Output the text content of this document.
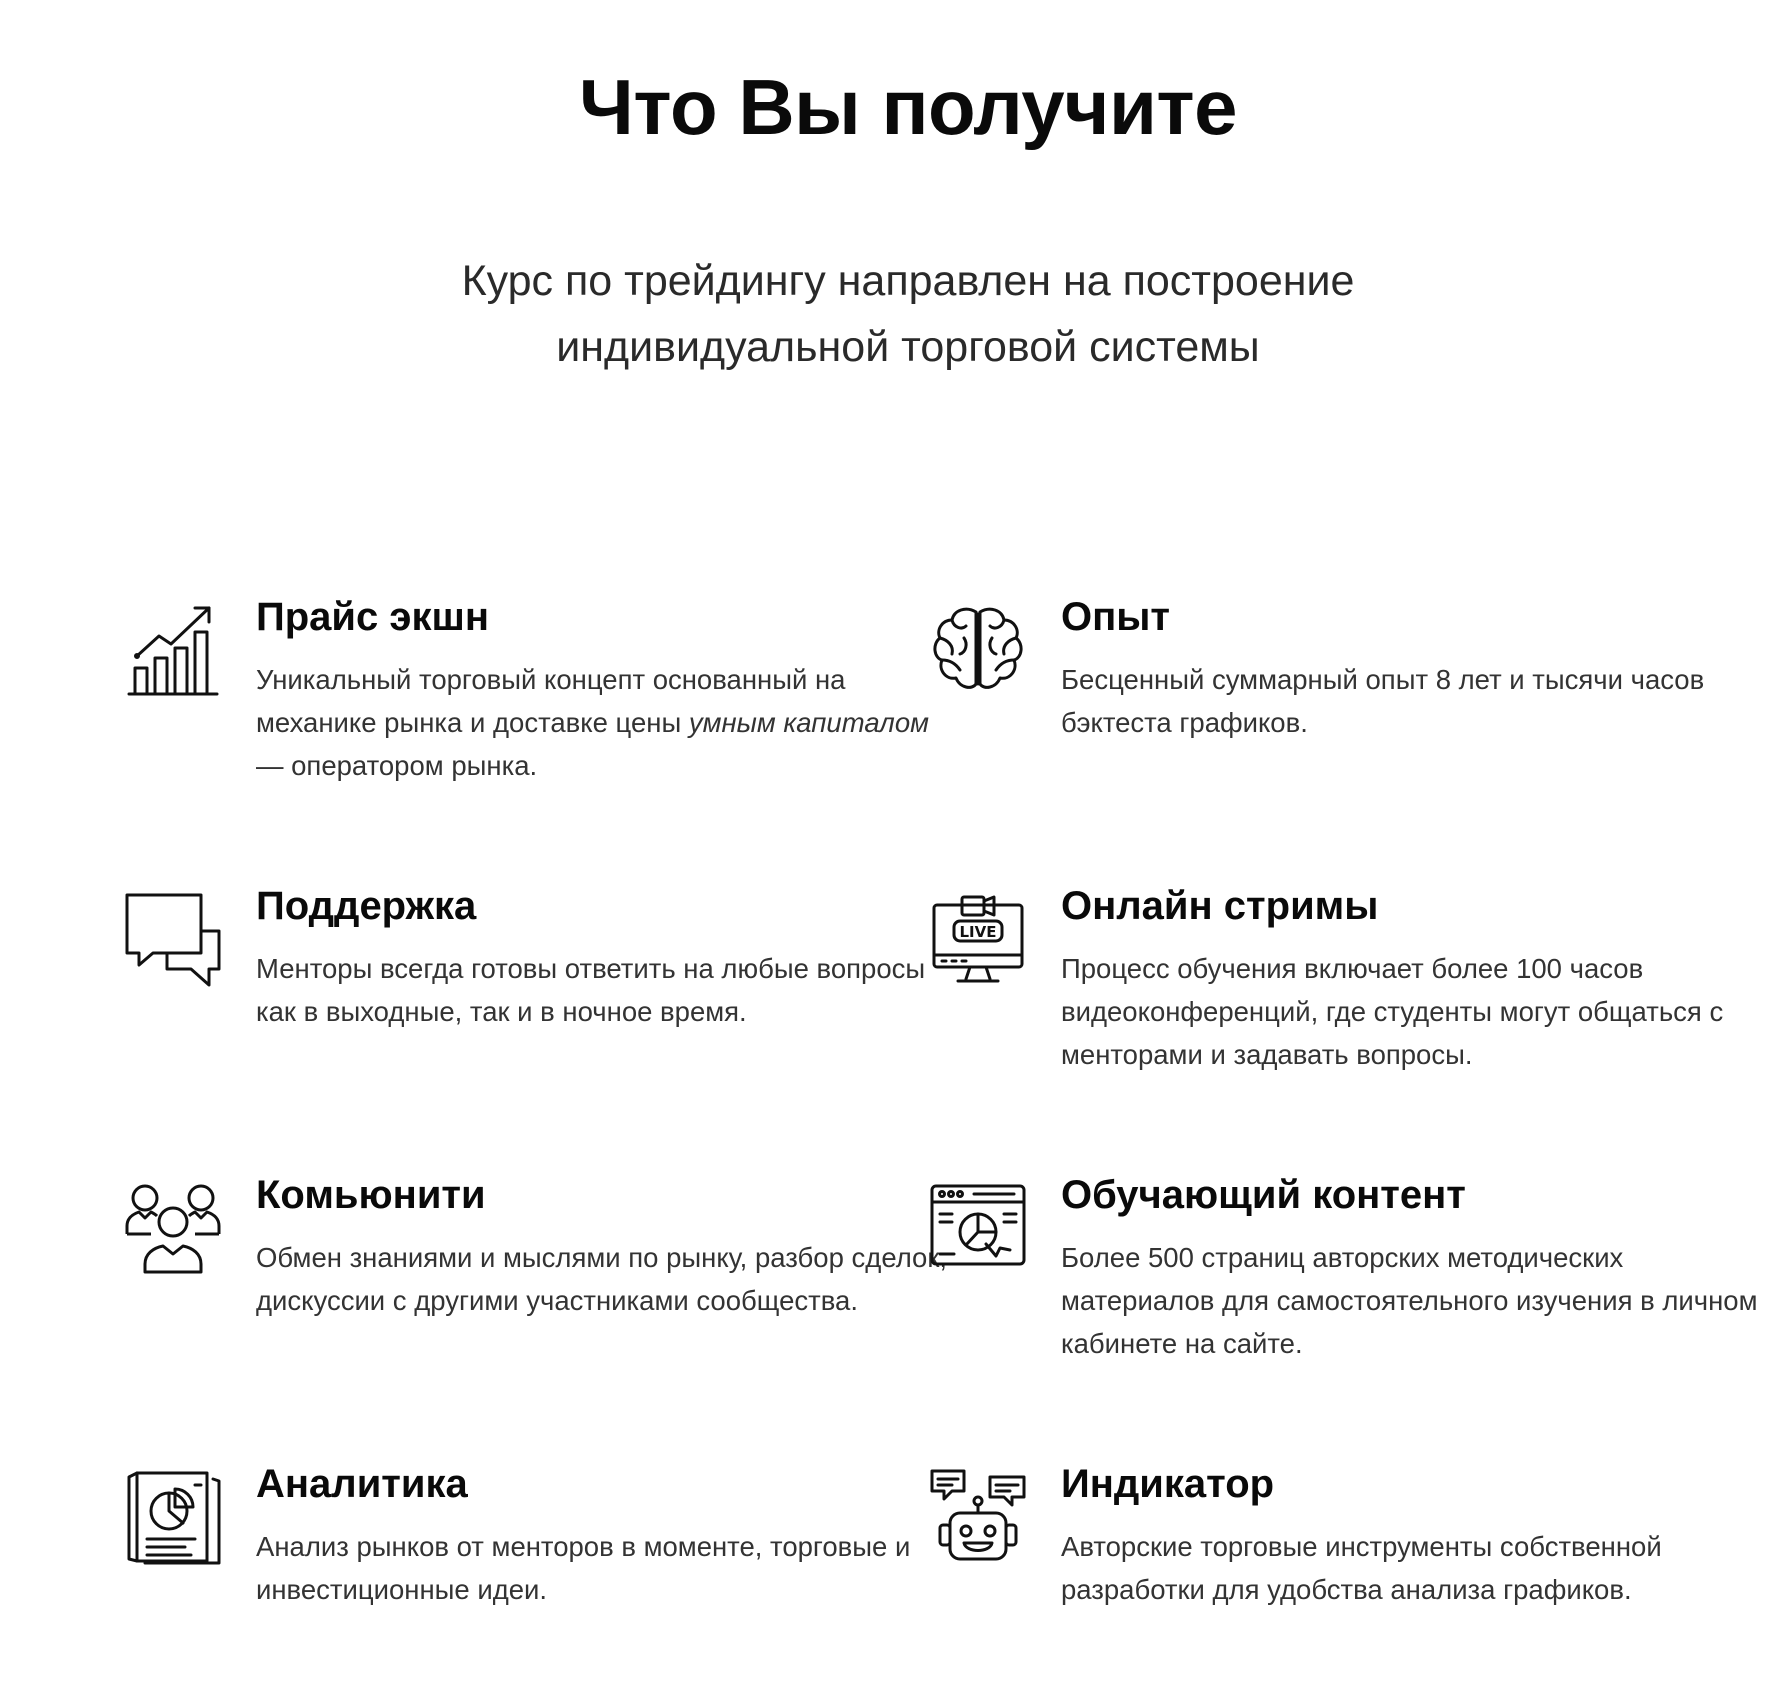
Что Вы получите

Курс по трейдингу направлен на построение
индивидуальной торговой системы

Прайс экшн

Уникальный торговый концепт основанный на механике рынка и доставке цены умным капиталом — оператором рынка.

Опыт

Бесценный суммарный опыт 8 лет и тысячи часов бэктеста графиков.

Поддержка

Менторы всегда готовы ответить на любые вопросы как в выходные, так и в ночное время.

LIVE
Онлайн стримы

Процесс обучения включает более 100 часов видеоконференций, где студенты могут общаться с менторами и задавать вопросы.

Комьюнити

Обмен знаниями и мыслями по рынку, разбор сделок, дискуссии с другими участниками сообщества.

Обучающий контент

Более 500 страниц авторских методических материалов для самостоятельного изучения в личном кабинете на сайте.

Аналитика

Анализ рынков от менторов в моменте, торговые и инвестиционные идеи.

Индикатор

Авторские торговые инструменты собственной разработки для удобства анализа графиков.
